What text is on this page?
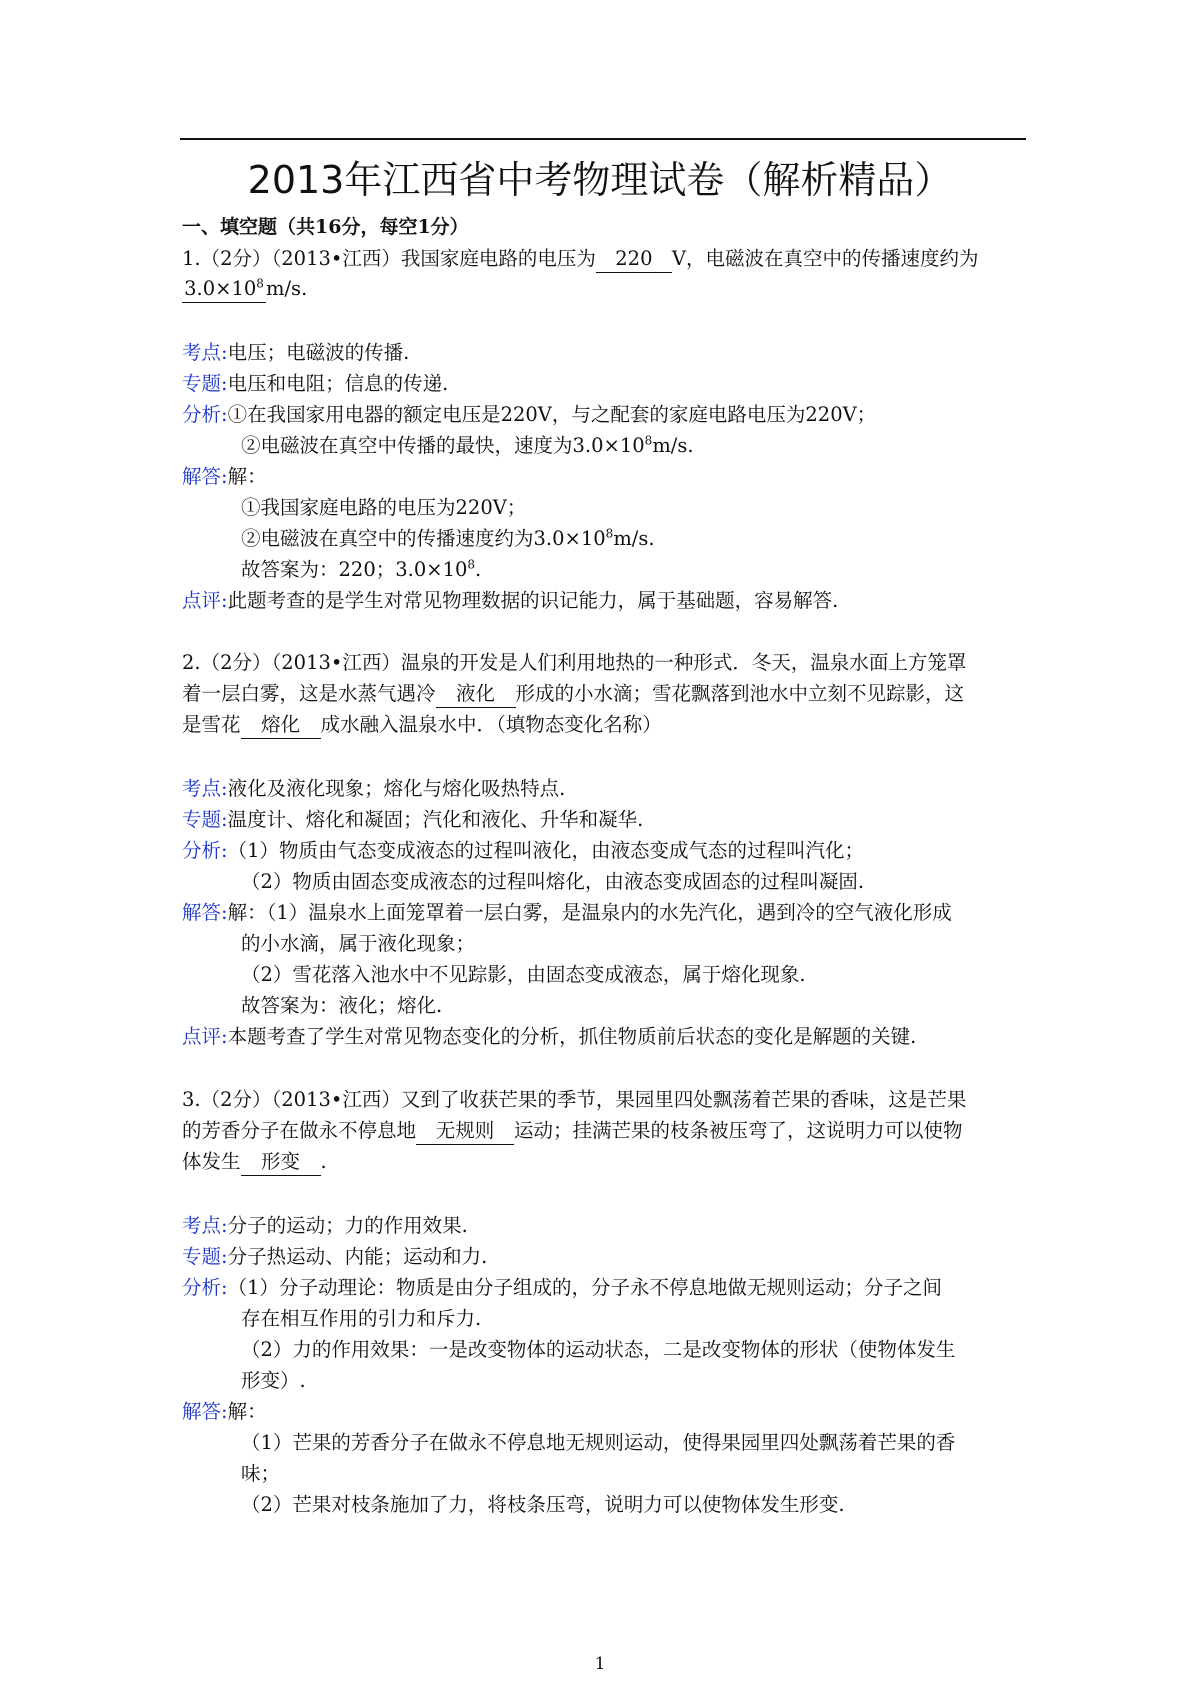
2013年江西省中考物理试卷（解析精品）
一、填空题（共16分，每空1分）
1.（2分）（2013•江西）我国家庭电路的电压为 220 V，电磁波在真空中的传播速度约为
$3.0\times 10^8$ m/s.
考点:电压；电磁波的传播.
专题:电压和电阻；信息的传递.
分析:①在我国家用电器的额定电压是220V，与之配套的家庭电路电压为220V；
②电磁波在真空中传播的最快，速度为$3.0\times 10^8m/s$.
解答:解：
①我国家庭电路的电压为220V；
②电磁波在真空中的传播速度约为$3.0\times 10^8m/s$.
故答案为：220；$3.0\times 10^8$.
点评:此题考查的是学生对常见物理数据的识记能力，属于基础题，容易解答.
2.（2分）（2013•江西）温泉的开发是人们利用地热的一种形式．冬天，温泉水面上方笼罩
着一层白雾，这是水蒸气遇冷 液化 形成的小水滴；雪花飘落到池水中立刻不见踪影，这
是雪花 熔化 成水融入温泉水中．（填物态变化名称）
考点:液化及液化现象；熔化与熔化吸热特点.
专题:温度计、熔化和凝固；汽化和液化、升华和凝华.
分析:（1）物质由气态变成液态的过程叫液化，由液态变成气态的过程叫汽化；
（2）物质由固态变成液态的过程叫熔化，由液态变成固态的过程叫凝固.
解答:解：（1）温泉水上面笼罩着一层白雾，是温泉内的水先汽化，遇到冷的空气液化形成
的小水滴，属于液化现象；
（2）雪花落入池水中不见踪影，由固态变成液态，属于熔化现象.
故答案为：液化；熔化.
点评:本题考查了学生对常见物态变化的分析，抓住物质前后状态的变化是解题的关键.
3.（2分）（2013•江西）又到了收获芒果的季节，果园里四处飘荡着芒果的香味，这是芒果
的芳香分子在做永不停息地 无规则 运动；挂满芒果的枝条被压弯了，这说明力可以使物
体发生 形变 .
考点:分子的运动；力的作用效果.
专题:分子热运动、内能；运动和力.
分析:（1）分子动理论：物质是由分子组成的，分子永不停息地做无规则运动；分子之间
存在相互作用的引力和斥力.
（2）力的作用效果：一是改变物体的运动状态，二是改变物体的形状（使物体发生
形变）.
解答:解：
（1）芒果的芳香分子在做永不停息地无规则运动，使得果园里四处飘荡着芒果的香
味；
（2）芒果对枝条施加了力，将枝条压弯，说明力可以使物体发生形变.
1
